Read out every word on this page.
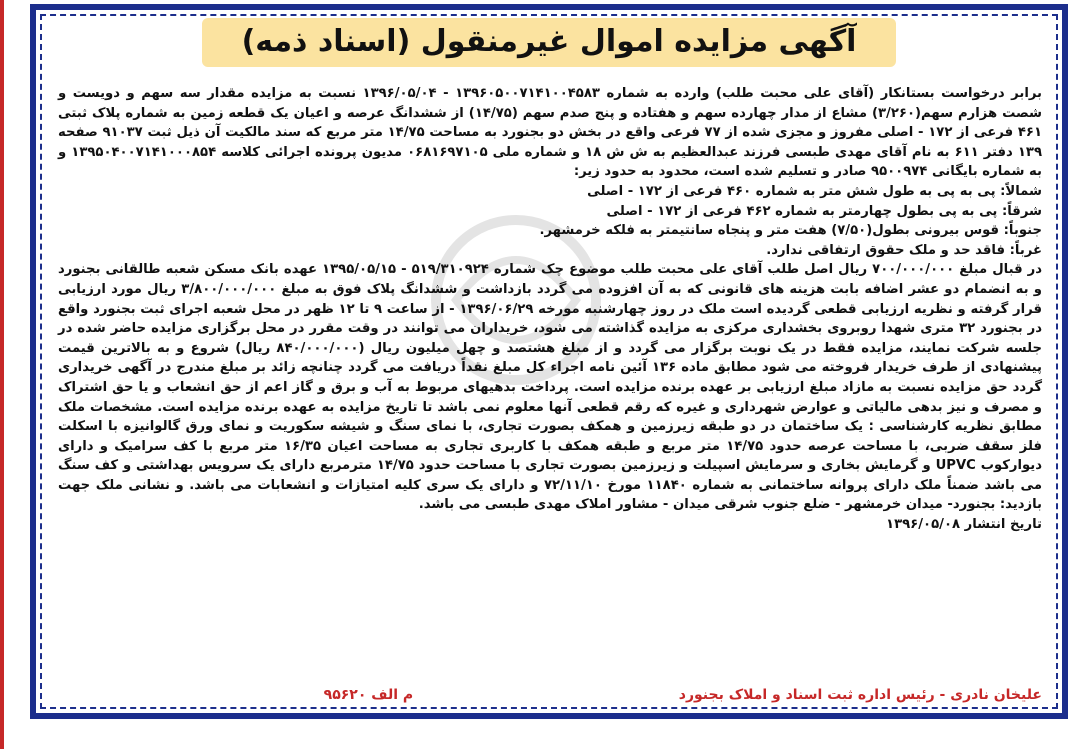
آگهی مزایده اموال غیرمنقول (اسناد ذمه)

برابر درخواست بستانکار (آقای علی محبت طلب) وارده به شماره ۱۳۹۶۰۵۰۰۷۱۴۱۰۰۴۵۸۳ - ۱۳۹۶/۰۵/۰۴ نسبت به مزایده مقدار سه سهم و دویست و شصت هزارم سهم(۳/۲۶۰) مشاع از مدار چهارده سهم و هفتاده و پنج صدم سهم (۱۴/۷۵) از ششدانگ عرصه و اعیان یک قطعه زمین به شماره پلاک ثبتی ۴۶۱ فرعی از ۱۷۲ - اصلی مفروز و مجزی شده از ۷۷ فرعی واقع در بخش دو بجنورد به مساحت ۱۴/۷۵ متر مربع که سند مالکیت آن ذیل ثبت ۹۱۰۳۷ صفحه ۱۳۹ دفتر ۶۱۱ به نام آقای مهدی طبسی فرزند عبدالعظیم به ش ش ۱۸ و شماره ملی ۰۶۸۱۶۹۷۱۰۵ مدیون پرونده اجرائی کلاسه ۱۳۹۵۰۴۰۰۷۱۴۱۰۰۰۸۵۴ و به شماره بایگانی ۹۵۰۰۹۷۴ صادر و تسلیم شده است، محدود به حدود زیر:

شمالاً: پی به پی به طول شش متر به شماره ۴۶۰ فرعی از ۱۷۲ - اصلی
شرقاً: پی به پی بطول چهارمتر به شماره ۴۶۲ فرعی از ۱۷۲ - اصلی
جنوباً: قوس بیرونی بطول(۷/۵۰) هفت متر و پنجاه سانتیمتر به فلکه خرمشهر.
غرباً: فاقد حد و ملک حقوق ارتفاقی ندارد.

در قبال مبلغ ۷۰۰/۰۰۰/۰۰۰ ریال اصل طلب آقای علی محبت طلب موضوع چک شماره ۵۱۹/۳۱۰۹۲۴ - ۱۳۹۵/۰۵/۱۵ عهده بانک مسکن شعبه طالقانی بجنورد و به انضمام دو عشر اضافه بابت هزینه های قانونی که به آن افزوده می گردد بازداشت و ششدانگ پلاک فوق به مبلغ ۳/۸۰۰/۰۰۰/۰۰۰ ریال مورد ارزیابی قرار گرفته و نظریه ارزیابی قطعی گردیده است ملک در روز چهارشنبه مورخه ۱۳۹۶/۰۶/۲۹ - از ساعت ۹ تا ۱۲ ظهر در محل شعبه اجرای ثبت بجنورد واقع در بجنورد ۳۲ متری شهدا روبروی بخشداری مرکزی به مزایده گذاشته می شود، خریداران می توانند در وقت مقرر در محل برگزاری مزایده حاضر شده در جلسه شرکت نمایند، مزایده فقط در یک نوبت برگزار می گردد و از مبلغ هشتصد و چهل میلیون ریال (۸۴۰/۰۰۰/۰۰۰ ریال) شروع و به بالاترین قیمت پیشنهادی از طرف خریدار فروخته می شود مطابق ماده ۱۳۶ آئین نامه اجراء کل مبلغ نقداً دریافت می گردد چنانچه زائد بر مبلغ مندرج در آگهی خریداری گردد حق مزایده نسبت به مازاد مبلغ ارزیابی بر عهده برنده مزایده است. پرداخت بدهیهای مربوط به آب و برق و گاز اعم از حق انشعاب و یا حق اشتراک و مصرف و نیز بدهی مالیاتی و عوارض شهرداری و غیره که رقم قطعی آنها معلوم نمی باشد تا تاریخ مزایده به عهده برنده مزایده است. مشخصات ملک مطابق نظریه کارشناسی : یک ساختمان در دو طبقه زیرزمین و همکف بصورت تجاری، با نمای سنگ و شیشه سکوریت و نمای ورق گالوانیزه با اسکلت فلز سقف ضربی، با مساحت عرصه حدود ۱۴/۷۵ متر مربع و طبقه همکف با کاربری تجاری به مساحت اعیان ۱۶/۳۵ متر مربع با کف سرامیک و دارای دیوارکوب UPVC و گرمایش بخاری و سرمایش اسپیلت و زیرزمین بصورت تجاری با مساحت حدود ۱۴/۷۵ مترمربع دارای یک سرویس بهداشتی و کف سنگ می باشد ضمناً ملک دارای پروانه ساختمانی به شماره ۱۱۸۴۰ مورخ ۷۲/۱۱/۱۰ و دارای یک سری کلیه امتیازات و انشعابات می باشد. و نشانی ملک جهت بازدید: بجنورد- میدان خرمشهر - ضلع جنوب شرقی میدان - مشاور املاک مهدی طبسی می باشد.

تاریخ انتشار ۱۳۹۶/۰۵/۰۸

علیخان نادری - رئیس اداره ثبت اسناد و املاک بجنورد
م الف ۹۵۶۲۰
